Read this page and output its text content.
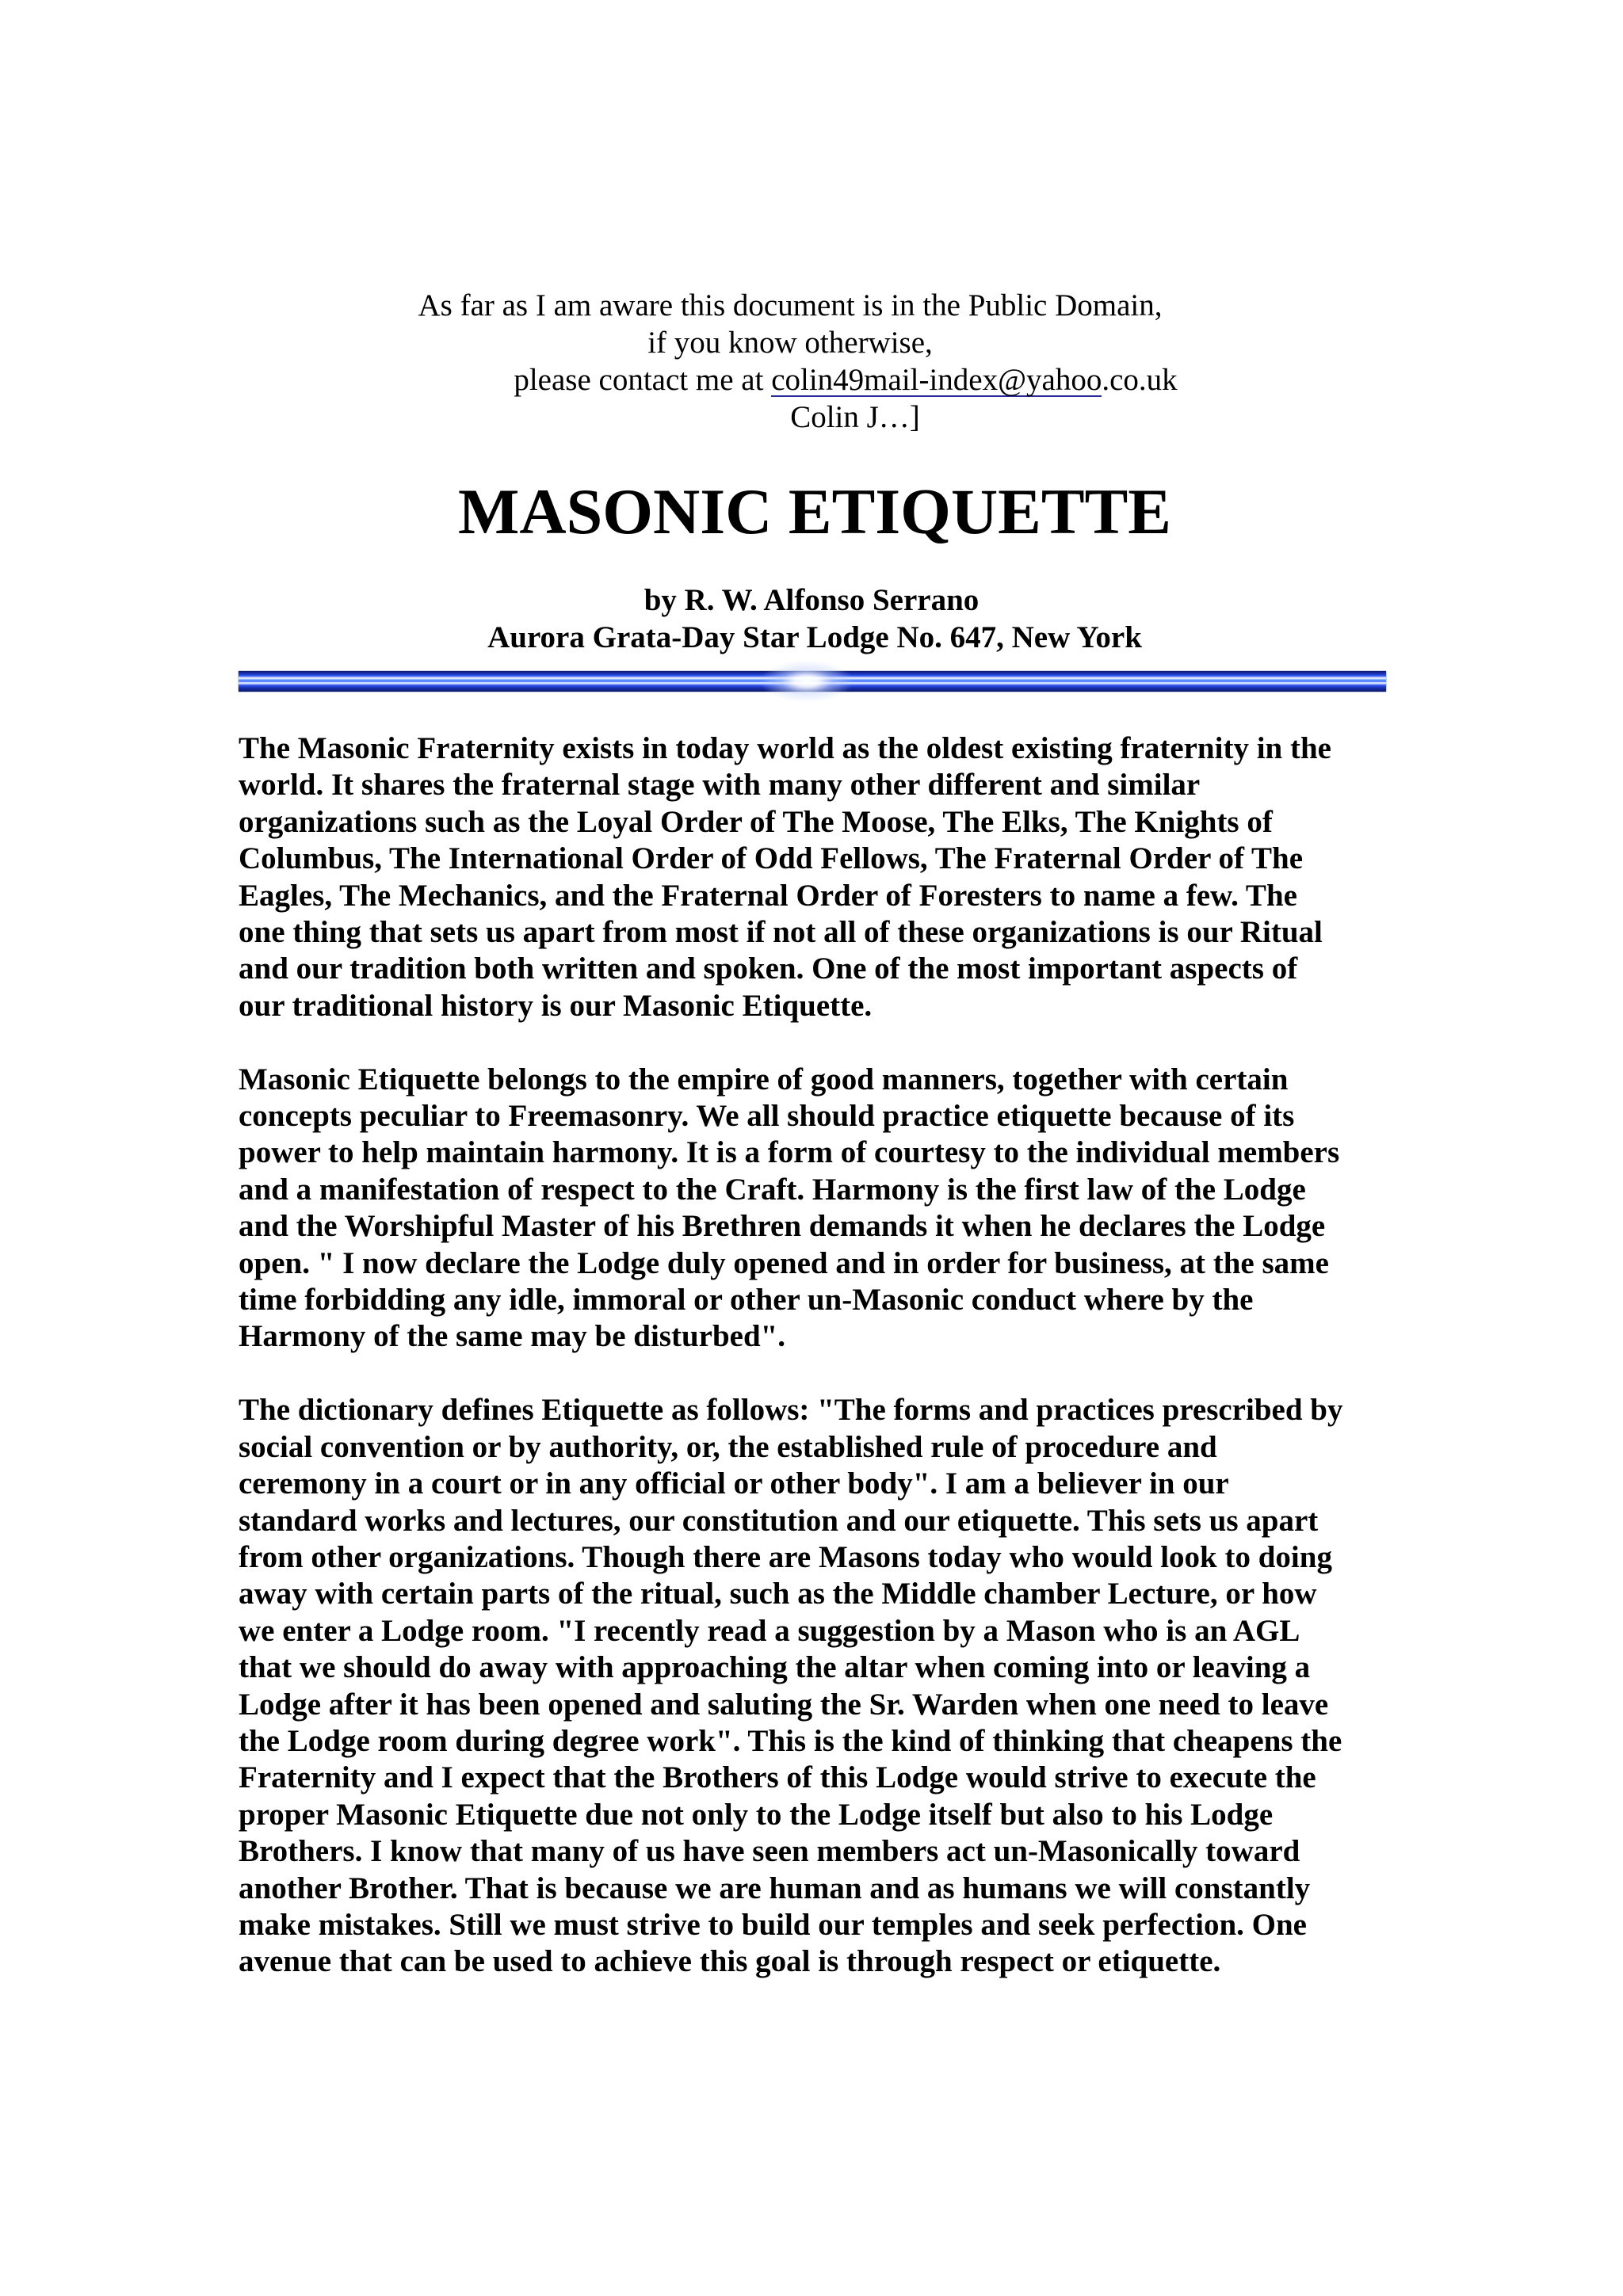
As far as I am aware this document is in the Public Domain,
if you know otherwise,
please contact me at colin49mail-index@yahoo.co.uk
Colin J…]
MASONIC ETIQUETTE
by R. W. Alfonso Serrano
Aurora Grata-Day Star Lodge No. 647, New York
The Masonic Fraternity exists in today world as the oldest existing fraternity in the
world. It shares the fraternal stage with many other different and similar
organizations such as the Loyal Order of The Moose, The Elks, The Knights of
Columbus, The International Order of Odd Fellows, The Fraternal Order of The
Eagles, The Mechanics, and the Fraternal Order of Foresters to name a few. The
one thing that sets us apart from most if not all of these organizations is our Ritual
and our tradition both written and spoken. One of the most important aspects of
our traditional history is our Masonic Etiquette.
Masonic Etiquette belongs to the empire of good manners, together with certain
concepts peculiar to Freemasonry. We all should practice etiquette because of its
power to help maintain harmony. It is a form of courtesy to the individual members
and a manifestation of respect to the Craft. Harmony is the first law of the Lodge
and the Worshipful Master of his Brethren demands it when he declares the Lodge
open. " I now declare the Lodge duly opened and in order for business, at the same
time forbidding any idle, immoral or other un-Masonic conduct where by the
Harmony of the same may be disturbed".
The dictionary defines Etiquette as follows: "The forms and practices prescribed by
social convention or by authority, or, the established rule of procedure and
ceremony in a court or in any official or other body". I am a believer in our
standard works and lectures, our constitution and our etiquette. This sets us apart
from other organizations. Though there are Masons today who would look to doing
away with certain parts of the ritual, such as the Middle chamber Lecture, or how
we enter a Lodge room. "I recently read a suggestion by a Mason who is an AGL
that we should do away with approaching the altar when coming into or leaving a
Lodge after it has been opened and saluting the Sr. Warden when one need to leave
the Lodge room during degree work". This is the kind of thinking that cheapens the
Fraternity and I expect that the Brothers of this Lodge would strive to execute the
proper Masonic Etiquette due not only to the Lodge itself but also to his Lodge
Brothers. I know that many of us have seen members act un-Masonically toward
another Brother. That is because we are human and as humans we will constantly
make mistakes. Still we must strive to build our temples and seek perfection. One
avenue that can be used to achieve this goal is through respect or etiquette.
